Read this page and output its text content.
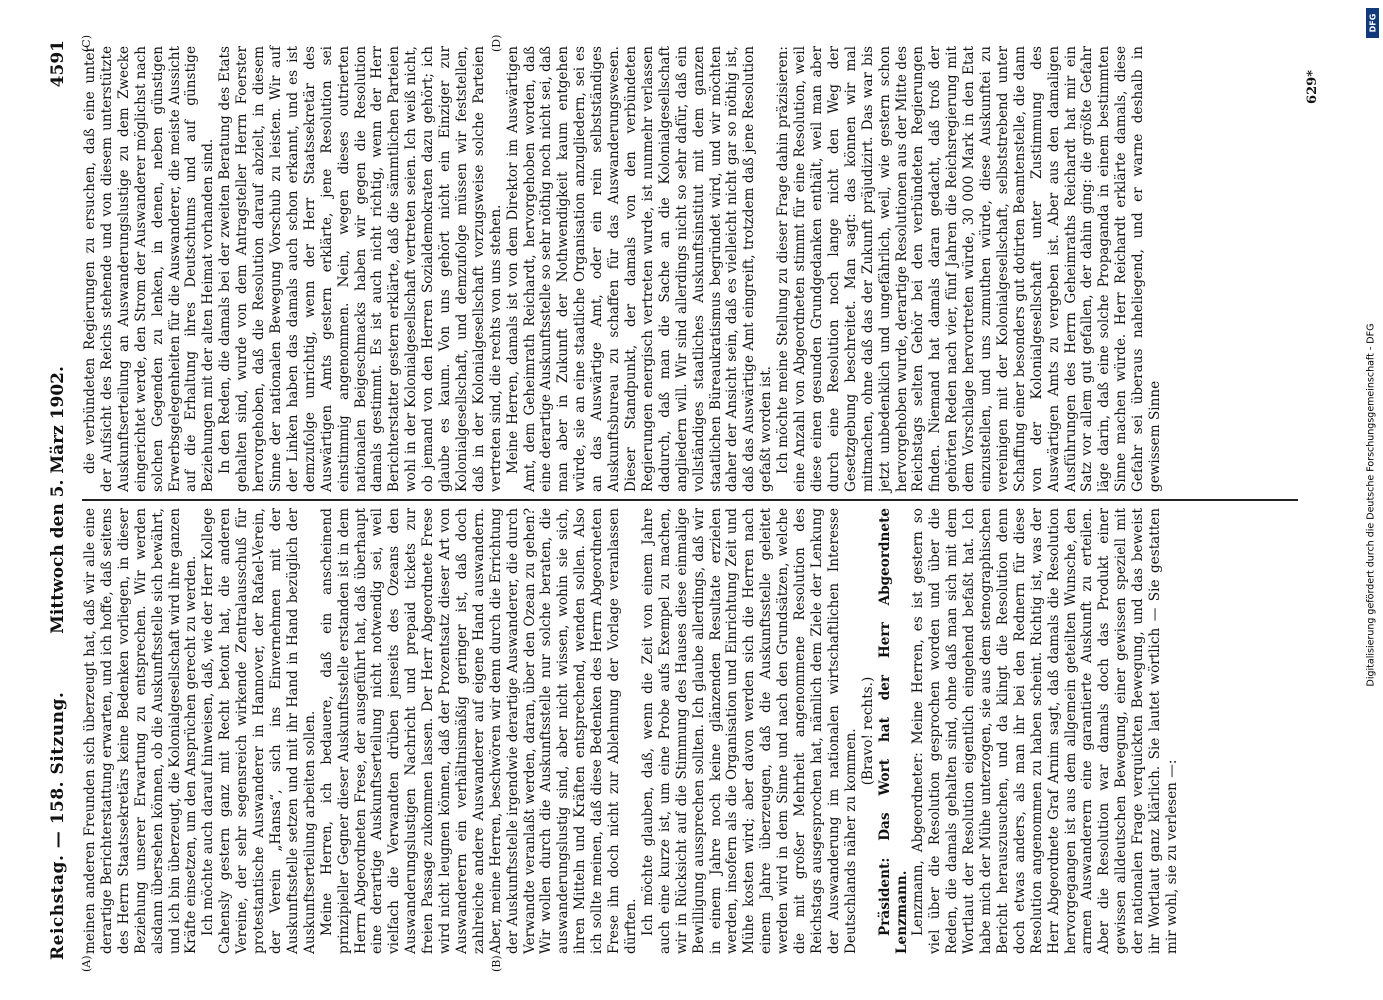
Reichstag. — 158. Sitzung.
Mittwoch den 5. März 1902.
4591
(A)	(B)
(C)	(D)

meinen anderen Freunden sich überzeugt hat, daß wir alle eine derartige Berichterstattung erwarten, und ich hoffe, daß seitens des Herrn Staatssekretärs keine Bedenken vorliegen, in dieser Beziehung unserer Erwartung zu entsprechen. Wir werden alsdann übersehen können, ob die Auskunftsstelle sich bewährt, und ich bin überzeugt, die Kolonialgesellschaft wird ihre ganzen Kräfte einsetzen, um den Ansprüchen gerecht zu werden. Ich möchte auch darauf hinweisen, daß, wie der Herr Kollege Cahensly gestern ganz mit Recht betont hat, die anderen Vereine, der sehr segensreich wirkende Zentralausschuß für protestantische Auswanderer in Hannover, der Rafael-Verein, der Verein „Hansa“, sich ins Einvernehmen mit der Auskunftsstelle setzen und mit ihr Hand in Hand bezüglich der Auskunftserteilung arbeiten sollen. Meine Herren, ich bedauere, daß ein anscheinend prinzipieller Gegner dieser Auskunftsstelle erstanden ist in dem Herrn Abgeordneten Frese, der ausgeführt hat, daß überhaupt eine derartige Auskunftserteilung nicht notwendig sei, weil vielfach die Verwandten drüben jenseits des Ozeans den Auswanderungslustigen Nachricht und prepaid tickets zur freien Passage zukommen lassen. Der Herr Abgeordnete Frese wird nicht leugnen können, daß der Prozentsatz dieser Art von Auswanderern ein verhältnismäßig geringer ist, daß doch zahlreiche andere Auswanderer auf eigene Hand auswandern. Aber, meine Herren, beschwören wir denn durch die Errichtung der Auskunftsstelle irgendwie derartige Auswanderer, die durch Verwandte veranlaßt werden, daran, über den Ozean zu gehen? Wir wollen durch die Auskunftsstelle nur solche beraten, die auswanderungslustig sind, aber nicht wissen, wohin sie sich, ihren Mitteln und Kräften entsprechend, wenden sollen. Also ich sollte meinen, daß diese Bedenken des Herrn Abgeordneten Frese ihn doch nicht zur Ablehnung der Vorlage veranlassen dürften. Ich möchte glauben, daß, wenn die Zeit von einem Jahre auch eine kurze ist, um eine Probe aufs Exempel zu machen, wir in Rücksicht auf die Stimmung des Hauses diese einmalige Bewilligung aussprechen sollten. Ich glaube allerdings, daß wir in einem Jahre noch keine glänzenden Resultate erzielen werden, insofern als die Organisation und Einrichtung Zeit und Mühe kosten wird; aber davon werden sich die Herren nach einem Jahre überzeugen, daß die Auskunftsstelle geleitet werden wird in dem Sinne und nach den Grundsätzen, welche die mit großer Mehrheit angenommene Resolution des Reichstags ausgesprochen hat, nämlich dem Ziele der Lenkung der Auswanderung im nationalen wirtschaftlichen Interesse Deutschlands näher zu kommen. (Bravo! rechts.) Präsident: Das Wort hat der Herr Abgeordnete Lenzmann. Lenzmann, Abgeordneter: Meine Herren, es ist gestern so viel über die Resolution gesprochen worden und über die Reden, die damals gehalten sind, ohne daß man sich mit dem Wortlaut der Resolution eigentlich eingehend befaßt hat. Ich habe mich der Mühe unterzogen, sie aus dem stenographischen Bericht herauszusuchen, und da klingt die Resolution denn doch etwas anders, als man ihr bei den Rednern für diese Resolution angenommen zu haben scheint. Richtig ist, was der Herr Abgeordnete Graf Arnim sagt, daß damals die Resolution hervorgegangen ist aus dem allgemein geteilten Wunsche, den armen Auswanderern eine garantierte Auskunft zu erteilen. Aber die Resolution war damals doch das Produkt einer gewissen alldeutschen Bewegung, einer gewissen speziell mit der nationalen Frage verquickten Bewegung, und das beweist ihr Wortlaut ganz klärlich. Sie lautet wörtlich — Sie gestatten mir wohl, sie zu verlesen —:

die verbündeten Regierungen zu ersuchen, daß eine unter der Aufsicht des Reichs stehende und von diesem unterstützte Auskunftserteilung an Auswanderungslustige zu dem Zwecke eingerichtet werde, den Strom der Auswanderer möglichst nach solchen Gegenden zu lenken, in denen, neben günstigen Erwerbsgelegenheiten für die Auswanderer, die meiste Aussicht auf die Erhaltung ihres Deutschtums und auf günstige Beziehungen mit der alten Heimat vorhanden sind. In den Reden, die damals bei der zweiten Beratung des Etats gehalten sind, wurde von dem Antragsteller Herrn Foerster hervorgehoben, daß die Resolution darauf abzielt, in diesem Sinne der nationalen Bewegung Vorschub zu leisten. Wir auf der Linken haben das damals auch schon erkannt, und es ist demzufolge unrichtig, wenn der Herr Staatssekretär des Auswärtigen Amts gestern erklärte, jene Resolution sei einstimmig angenommen. Nein, wegen dieses outrierten nationalen Beigeschmacks haben wir gegen die Resolution damals gestimmt. Es ist auch nicht richtig, wenn der Herr Berichterstatter gestern erklärte, daß die sämmtlichen Parteien wohl in der Kolonialgesellschaft vertreten seien. Ich weiß nicht, ob jemand von den Herren Sozialdemokraten dazu gehört; ich glaube es kaum. Von uns gehört nicht ein Einziger zur Kolonialgesellschaft, und demzufolge müssen wir feststellen, daß in der Kolonialgesellschaft vorzugsweise solche Parteien vertreten sind, die rechts von uns stehen. Meine Herren, damals ist von dem Direktor im Auswärtigen Amt, dem Geheimrath Reichardt, hervorgehoben worden, daß eine derartige Auskunftsstelle so sehr nöthig noch nicht sei, daß man aber in Zukunft der Nothwendigkeit kaum entgehen würde, sie an eine staatliche Organisation anzugliedern, sei es an das Auswärtige Amt, oder ein rein selbstständiges Auskunftsbureau zu schaffen für das Auswanderungswesen. Dieser Standpunkt, der damals von den verbündeten Regierungen energisch vertreten wurde, ist nunmehr verlassen dadurch, daß man die Sache an die Kolonialgesellschaft angliedern will. Wir sind allerdings nicht so sehr dafür, daß ein vollständiges staatliches Auskunftsinstitut mit dem ganzen staatlichen Büreaukratismus begründet wird, und wir möchten daher der Ansicht sein, daß es vielleicht nicht gar so nöthig ist, daß das Auswärtige Amt eingreift, trotzdem daß jene Resolution gefaßt worden ist. Ich möchte meine Stellung zu dieser Frage dahin präzisieren: eine Anzahl von Abgeordneten stimmt für eine Resolution, weil diese einen gesunden Grundgedanken enthält, weil man aber durch eine Resolution noch lange nicht den Weg der Gesetzgebung beschreitet. Man sagt: das können wir mal mitmachen, ohne daß das der Zukunft präjudizirt. Das war bis jetzt unbedenklich und ungefährlich, weil, wie gestern schon hervorgehoben wurde, derartige Resolutionen aus der Mitte des Reichstags selten Gehör bei den verbündeten Regierungen finden. Niemand hat damals daran gedacht, daß troß der gehörten Reden nach vier, fünf Jahren die Reichsregierung mit dem Vorschlage hervortreten würde, 30 000 Mark in den Etat einzustellen, und uns zumuthen würde, diese Auskunftei zu vereinigen mit der Kolonialgesellschaft, selbststrebend unter Schaffung einer besonders gut dotirten Beamtenstelle, die dann von der Kolonialgesellschaft unter Zustimmung des Auswärtigen Amts zu vergeben ist. Aber aus den damaligen Ausführungen des Herrn Geheimraths Reichardt hat mir ein Satz vor allem gut gefallen, der dahin ging: die größte Gefahr läge darin, daß eine solche Propaganda in einem bestimmten Sinne machen würde. Herr Reichardt erklärte damals, diese Gefahr sei überaus naheliegend, und er warne deshalb in gewissem Sinne

629*
Digitalisierung gefördert durch die Deutsche Forschungsgemeinschaft - DFG
DFG
